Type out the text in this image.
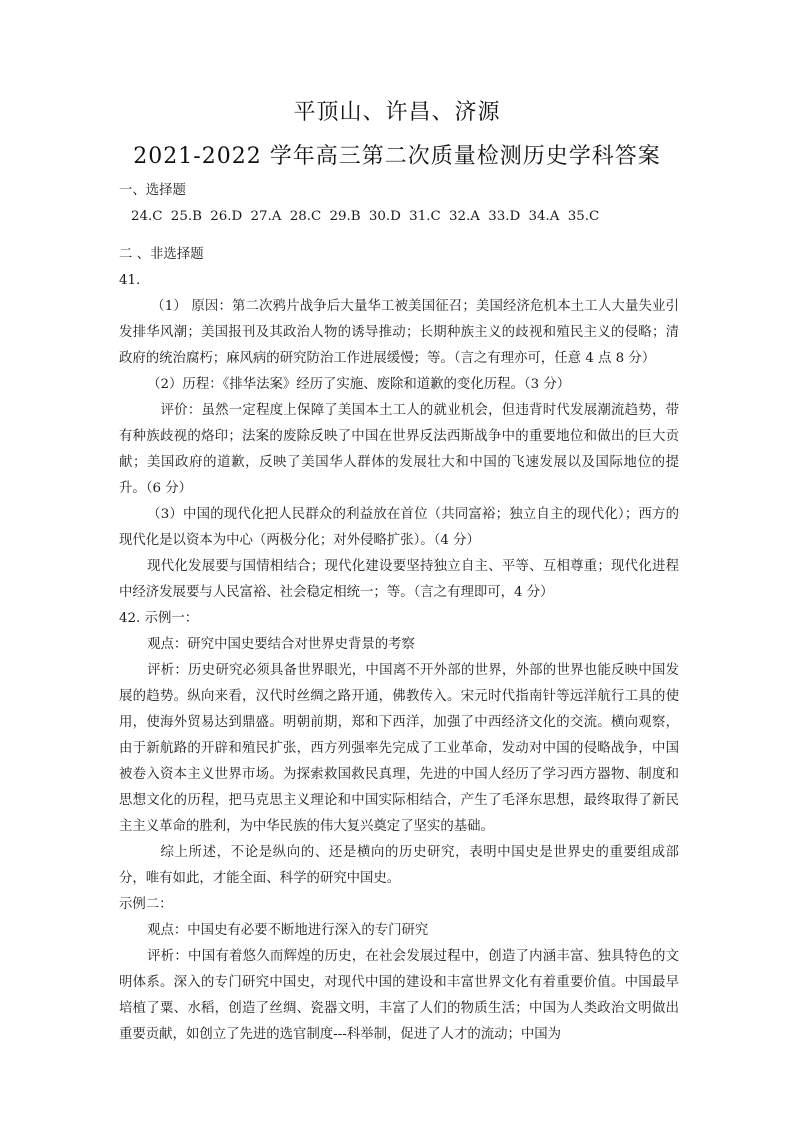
平顶山、许昌、济源
2021-2022 学年高三第二次质量检测历史学科答案

一、选择题

24.C 25.B 26.D 27.A 28.C 29.B 30.D 31.C 32.A 33.D 34.A 35.C

二 、非选择题

41.

（1） 原因：第二次鸦片战争后大量华工被美国征召；美国经济危机本土工人大量失业引发排华风潮；美国报刊及其政治人物的诱导推动；长期种族主义的歧视和殖民主义的侵略；清政府的统治腐朽；麻风病的研究防治工作进展缓慢；等。（言之有理亦可，任意 4 点 8 分）

（2）历程：《排华法案》经历了实施、废除和道歉的变化历程。（3 分）

评价：虽然一定程度上保障了美国本土工人的就业机会，但违背时代发展潮流趋势，带有种族歧视的烙印；法案的废除反映了中国在世界反法西斯战争中的重要地位和做出的巨大贡献；美国政府的道歉，反映了美国华人群体的发展壮大和中国的飞速发展以及国际地位的提升。（6 分）

（3）中国的现代化把人民群众的利益放在首位（共同富裕；独立自主的现代化）；西方的现代化是以资本为中心（两极分化；对外侵略扩张）。（4 分）

现代化发展要与国情相结合；现代化建设要坚持独立自主、平等、互相尊重；现代化进程中经济发展要与人民富裕、社会稳定相统一；等。（言之有理即可，4 分）

42. 示例一：

观点：研究中国史要结合对世界史背景的考察

评析：历史研究必须具备世界眼光，中国离不开外部的世界，外部的世界也能反映中国发展的趋势。纵向来看，汉代时丝绸之路开通，佛教传入。宋元时代指南针等远洋航行工具的使用，使海外贸易达到鼎盛。明朝前期，郑和下西洋，加强了中西经济文化的交流。横向观察，由于新航路的开辟和殖民扩张，西方列强率先完成了工业革命，发动对中国的侵略战争，中国被卷入资本主义世界市场。为探索救国救民真理，先进的中国人经历了学习西方器物、制度和思想文化的历程，把马克思主义理论和中国实际相结合，产生了毛泽东思想，最终取得了新民主主义革命的胜利，为中华民族的伟大复兴奠定了坚实的基础。

综上所述，不论是纵向的、还是横向的历史研究，表明中国史是世界史的重要组成部分，唯有如此，才能全面、科学的研究中国史。

示例二：

观点：中国史有必要不断地进行深入的专门研究

评析：中国有着悠久而辉煌的历史，在社会发展过程中，创造了内涵丰富、独具特色的文明体系。深入的专门研究中国史，对现代中国的建设和丰富世界文化有着重要价值。中国最早培植了粟、水稻，创造了丝绸、瓷器文明，丰富了人们的物质生活；中国为人类政治文明做出重要贡献，如创立了先进的选官制度---科举制，促进了人才的流动；中国为
